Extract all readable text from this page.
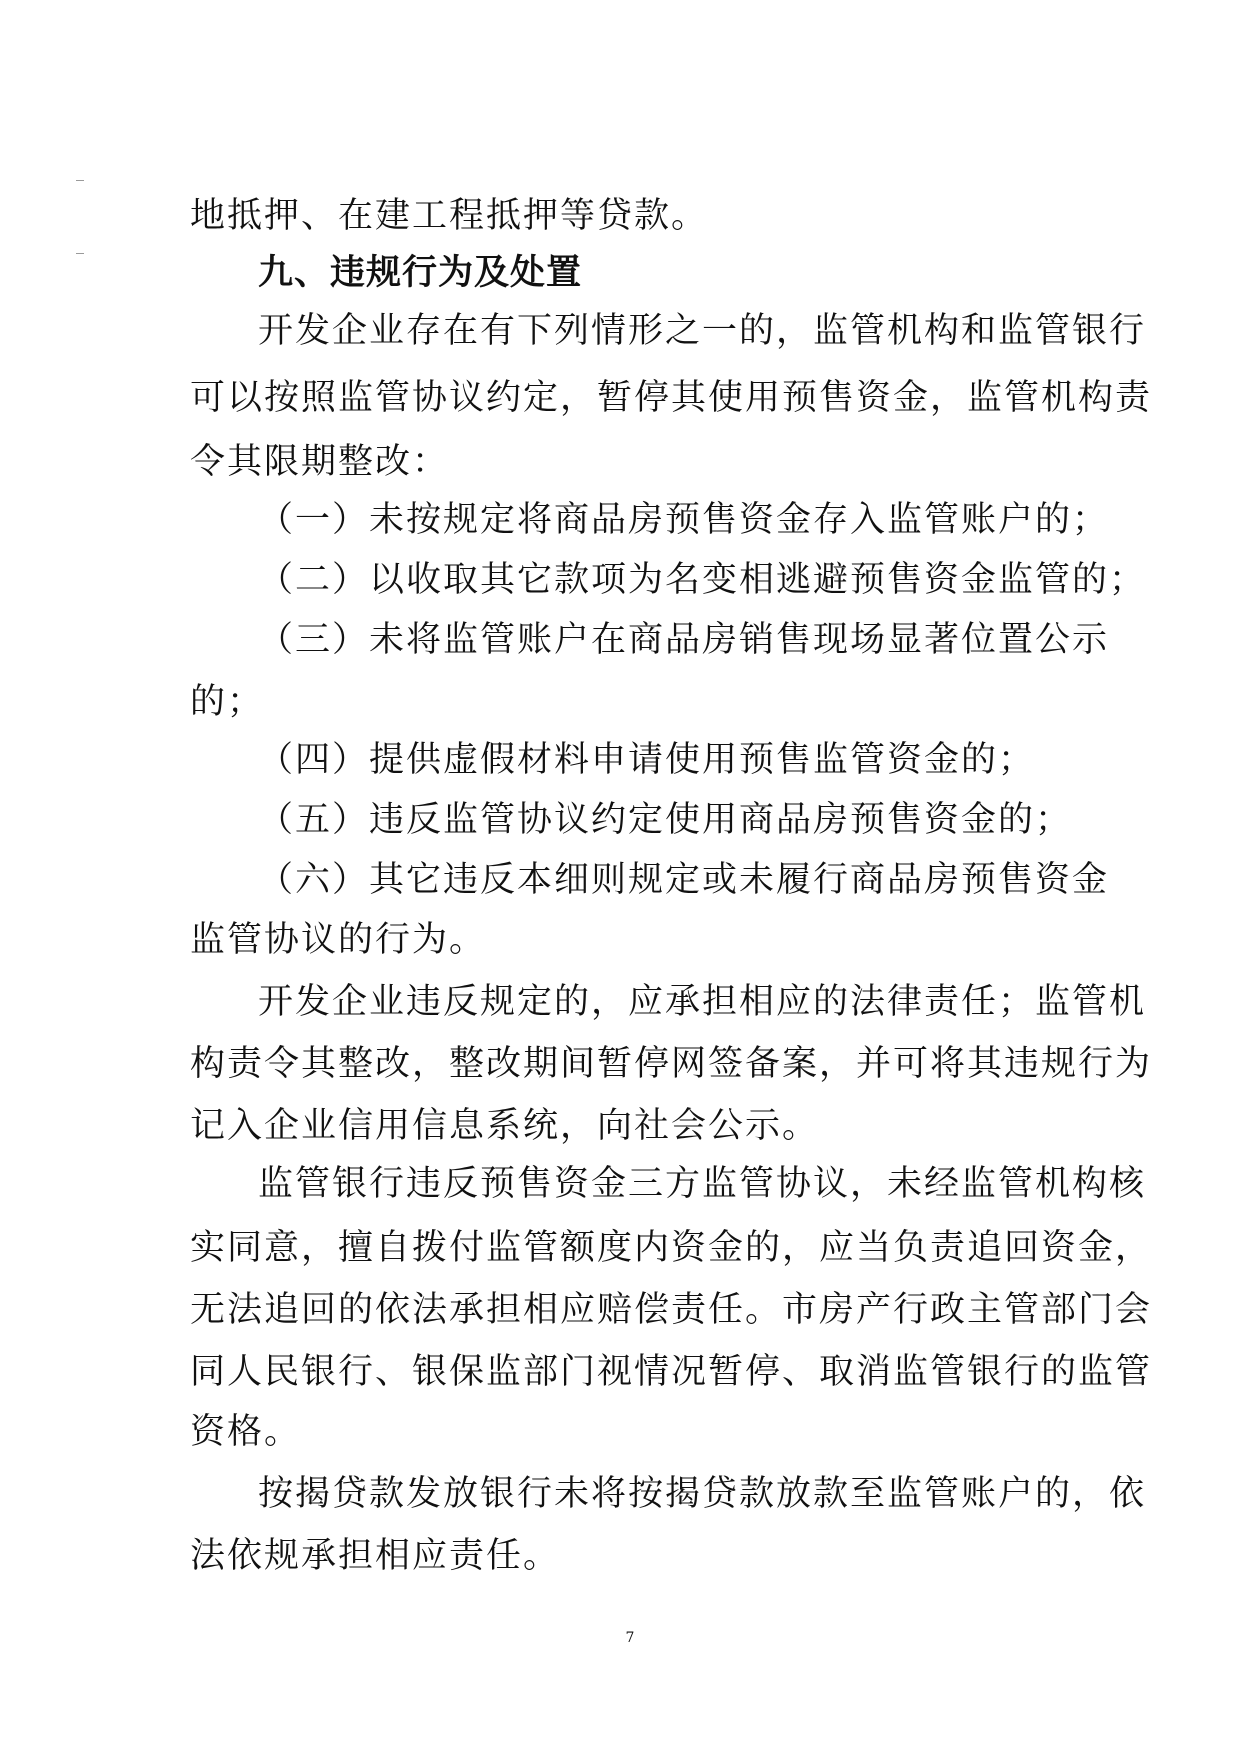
地抵押、在建工程抵押等贷款。
九、违规行为及处置
开发企业存在有下列情形之一的，监管机构和监管银行
可以按照监管协议约定，暂停其使用预售资金，监管机构责
令其限期整改：
（一）未按规定将商品房预售资金存入监管账户的；
（二）以收取其它款项为名变相逃避预售资金监管的；
（三）未将监管账户在商品房销售现场显著位置公示
的；
（四）提供虚假材料申请使用预售监管资金的；
（五）违反监管协议约定使用商品房预售资金的；
（六）其它违反本细则规定或未履行商品房预售资金
监管协议的行为。
开发企业违反规定的，应承担相应的法律责任；监管机
构责令其整改，整改期间暂停网签备案，并可将其违规行为
记入企业信用信息系统，向社会公示。
监管银行违反预售资金三方监管协议，未经监管机构核
实同意，擅自拨付监管额度内资金的，应当负责追回资金，
无法追回的依法承担相应赔偿责任。市房产行政主管部门会
同人民银行、银保监部门视情况暂停、取消监管银行的监管
资格。
按揭贷款发放银行未将按揭贷款放款至监管账户的，依
法依规承担相应责任。
7
